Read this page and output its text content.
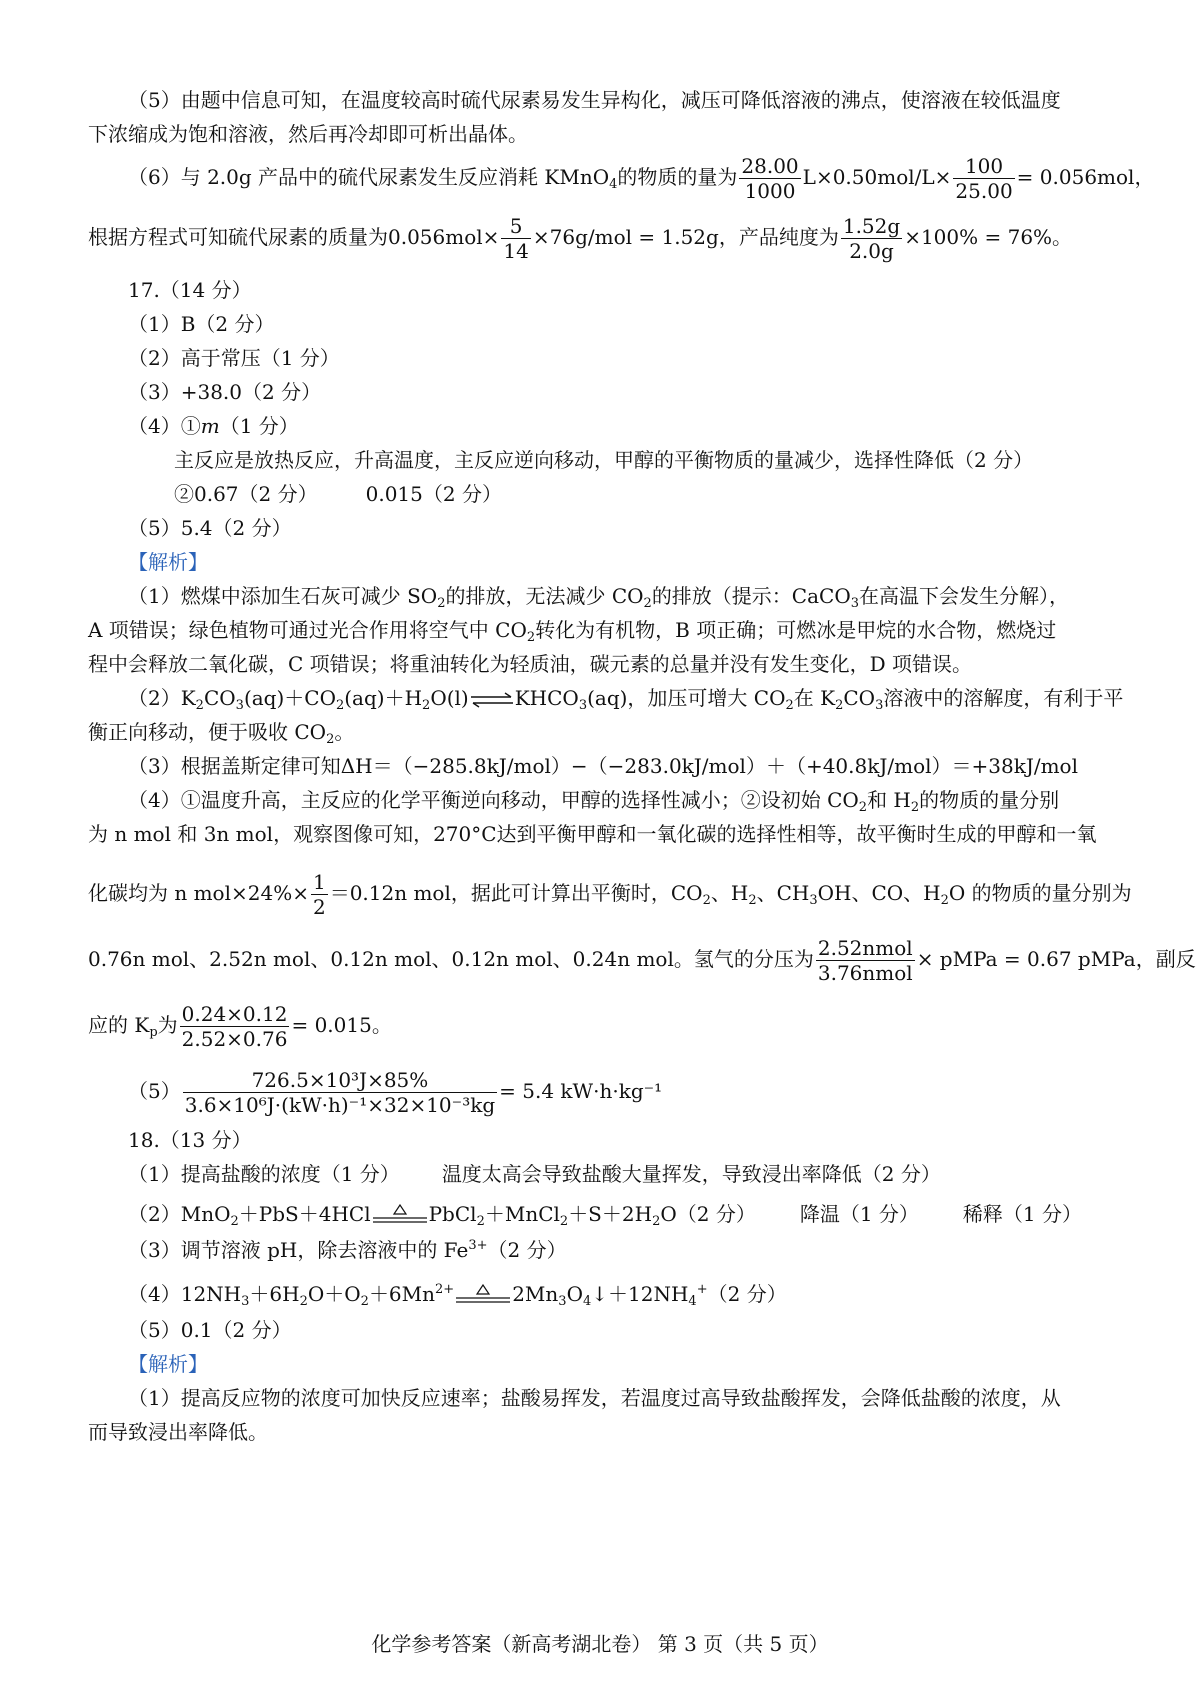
（5）由题中信息可知，在温度较高时硫代尿素易发生异构化，减压可降低溶液的沸点，使溶液在较低温度
下浓缩成为饱和溶液，然后再冷却即可析出晶体。
（6）与 2.0g 产品中的硫代尿素发生反应消耗 KMnO$_4$的物质的量为 $\frac{28.00}{1000} L\times 0.50mol/L\times \frac{100}{25.00} = 0.056mol$，
根据方程式可知硫代尿素的质量为$0.056mol\times \frac{5}{14} \times 76g/mol = 1.52g$，产品纯度为 $\frac{1.52g}{2.0g} \times 100\% = 76\%$。
17.（14 分）
（1）B（2 分）
（2）高于常压（1 分）
（3）+38.0（2 分）
（4）①m（1 分）
主反应是放热反应，升高温度，主反应逆向移动，甲醇的平衡物质的量减少，选择性降低（2 分）
②0.67（2 分） 0.015（2 分）
（5）5.4（2 分）
【解析】
（1）燃煤中添加生石灰可减少 $SO_2$的排放，无法减少 $CO_2$的排放（提示：CaCO$_3$在高温下会发生分解），
A 项错误；绿色植物可通过光合作用将空气中 $CO_2$转化为有机物，B 项正确；可燃冰是甲烷的水合物，燃烧过
程中会释放二氧化碳，C 项错误；将重油转化为轻质油，碳元素的总量并没有发生变化，D 项错误。
$(2)K_2CO_3(aq)+CO_2(aq)+H_2O(l)\rightleftharpoons KHCO_3(aq)$，加压可增大 $CO_2$在 $K_2CO_3$溶液中的溶解度，有利于平
衡正向移动，便于吸收 $CO_2$。
（3）根据盖斯定律可知ΔH＝（−285.8kJ/mol）−（−283.0kJ/mol）＋（+40.8kJ/mol）＝+38kJ/mol
（4）①温度升高，主反应的化学平衡逆向移动，甲醇的选择性减小；②设初始 $CO_2$和 $H_2$的物质的量分别
为 n mol 和 3n mol，观察图像可知，270°C达到平衡甲醇和一氧化碳的选择性相等，故平衡时生成的甲醇和一氧
化碳均为 n $mol\times 24\%\times \frac{1}{2} =0.12n$ mol，据此可计算出平衡时，$CO_2$、$H_2$、$CH_3OH$、CO、$H_2O$ 的物质的量分别为
0.76n mol、2.52n mol、0.12n mol、0.12n mol、0.24n mol。氢气的分压为 $\frac{\text{2.52nmol}}{\text{3.76nmol}}$ × pMPa = 0.67 pMPa，副反
应的 $K_p$为 $\frac{0.24\times 0.12}{2.52\times 0.76} = 0.015$。
$(5) \frac{\text{726.5×10³J×85\%}}{\text{3.6×10⁶J·(kW·h)⁻¹×32×10⁻³kg}} = 5.4$ kW·h·kg⁻¹
18.（13 分）
（1）提高盐酸的浓度（1 分） 温度太高会导致盐酸大量挥发，导致浸出率降低（2 分）
（2）MnO$_2$＋PbS＋4HCl	$PbCl_2+MnCl_2+S+2H_2O(2$ 分） 降温（1 分） 稀释（1 分）
（3）调节溶液 pH，除去溶液中的 $Fe^{3+}(2$ 分）
$(4)12NH_3+6H_2O+O_2+6Mn^{2+}$	$2Mn_3O_4↓+12NH_4^+(2$ 分）
（5）0.1（2 分）
【解析】
（1）提高反应物的浓度可加快反应速率；盐酸易挥发，若温度过高导致盐酸挥发，会降低盐酸的浓度，从
而导致浸出率降低。
化学参考答案（新高考湖北卷） 第 3 页（共 5 页）
